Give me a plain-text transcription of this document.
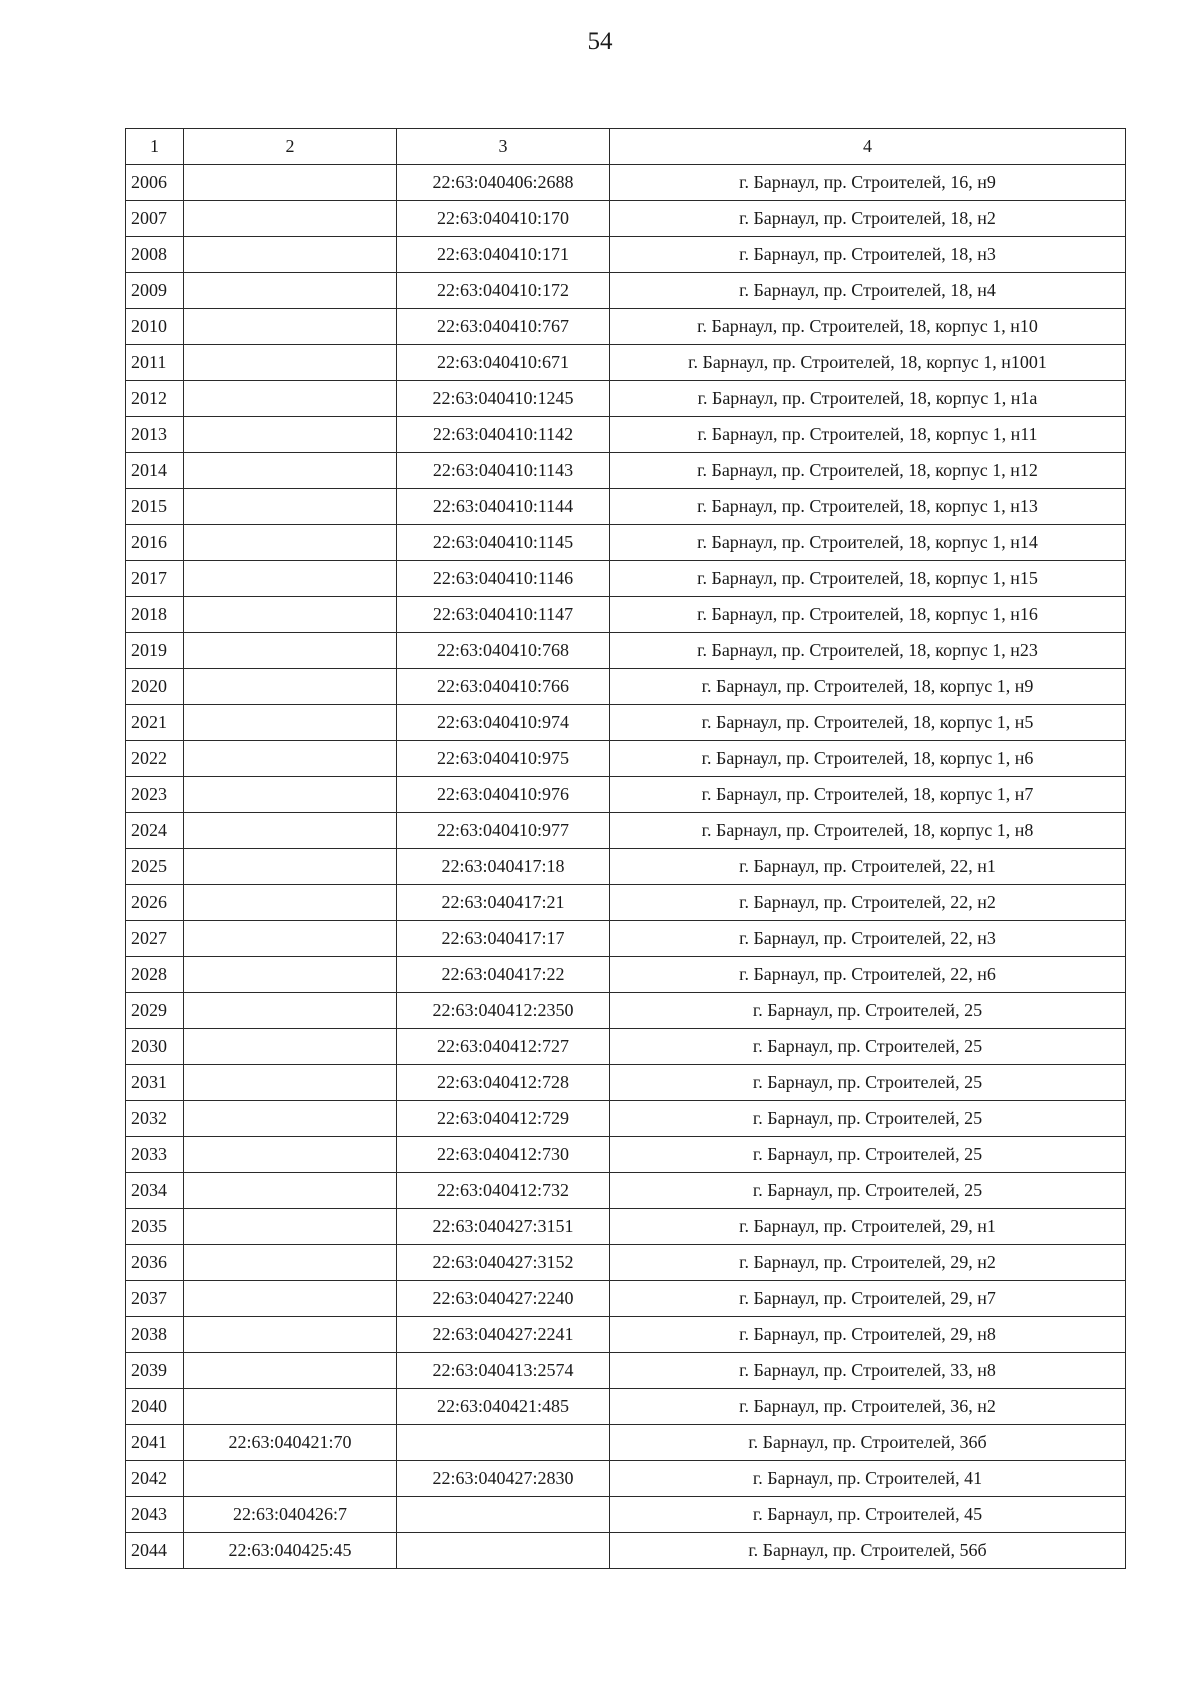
54
1	2	3	4
2006		22:63:040406:2688	г. Барнаул, пр. Строителей, 16, н9
2007		22:63:040410:170	г. Барнаул, пр. Строителей, 18, н2
2008		22:63:040410:171	г. Барнаул, пр. Строителей, 18, н3
2009		22:63:040410:172	г. Барнаул, пр. Строителей, 18, н4
2010		22:63:040410:767	г. Барнаул, пр. Строителей, 18, корпус 1, н10
2011		22:63:040410:671	г. Барнаул, пр. Строителей, 18, корпус 1, н1001
2012		22:63:040410:1245	г. Барнаул, пр. Строителей, 18, корпус 1, н1а
2013		22:63:040410:1142	г. Барнаул, пр. Строителей, 18, корпус 1, н11
2014		22:63:040410:1143	г. Барнаул, пр. Строителей, 18, корпус 1, н12
2015		22:63:040410:1144	г. Барнаул, пр. Строителей, 18, корпус 1, н13
2016		22:63:040410:1145	г. Барнаул, пр. Строителей, 18, корпус 1, н14
2017		22:63:040410:1146	г. Барнаул, пр. Строителей, 18, корпус 1, н15
2018		22:63:040410:1147	г. Барнаул, пр. Строителей, 18, корпус 1, н16
2019		22:63:040410:768	г. Барнаул, пр. Строителей, 18, корпус 1, н23
2020		22:63:040410:766	г. Барнаул, пр. Строителей, 18, корпус 1, н9
2021		22:63:040410:974	г. Барнаул, пр. Строителей, 18, корпус 1, н5
2022		22:63:040410:975	г. Барнаул, пр. Строителей, 18, корпус 1, н6
2023		22:63:040410:976	г. Барнаул, пр. Строителей, 18, корпус 1, н7
2024		22:63:040410:977	г. Барнаул, пр. Строителей, 18, корпус 1, н8
2025		22:63:040417:18	г. Барнаул, пр. Строителей, 22, н1
2026		22:63:040417:21	г. Барнаул, пр. Строителей, 22, н2
2027		22:63:040417:17	г. Барнаул, пр. Строителей, 22, н3
2028		22:63:040417:22	г. Барнаул, пр. Строителей, 22, н6
2029		22:63:040412:2350	г. Барнаул, пр. Строителей, 25
2030		22:63:040412:727	г. Барнаул, пр. Строителей, 25
2031		22:63:040412:728	г. Барнаул, пр. Строителей, 25
2032		22:63:040412:729	г. Барнаул, пр. Строителей, 25
2033		22:63:040412:730	г. Барнаул, пр. Строителей, 25
2034		22:63:040412:732	г. Барнаул, пр. Строителей, 25
2035		22:63:040427:3151	г. Барнаул, пр. Строителей, 29, н1
2036		22:63:040427:3152	г. Барнаул, пр. Строителей, 29, н2
2037		22:63:040427:2240	г. Барнаул, пр. Строителей, 29, н7
2038		22:63:040427:2241	г. Барнаул, пр. Строителей, 29, н8
2039		22:63:040413:2574	г. Барнаул, пр. Строителей, 33, н8
2040		22:63:040421:485	г. Барнаул, пр. Строителей, 36, н2
2041	22:63:040421:70		г. Барнаул, пр. Строителей, 36б
2042		22:63:040427:2830	г. Барнаул, пр. Строителей, 41
2043	22:63:040426:7		г. Барнаул, пр. Строителей, 45
2044	22:63:040425:45		г. Барнаул, пр. Строителей, 56б
